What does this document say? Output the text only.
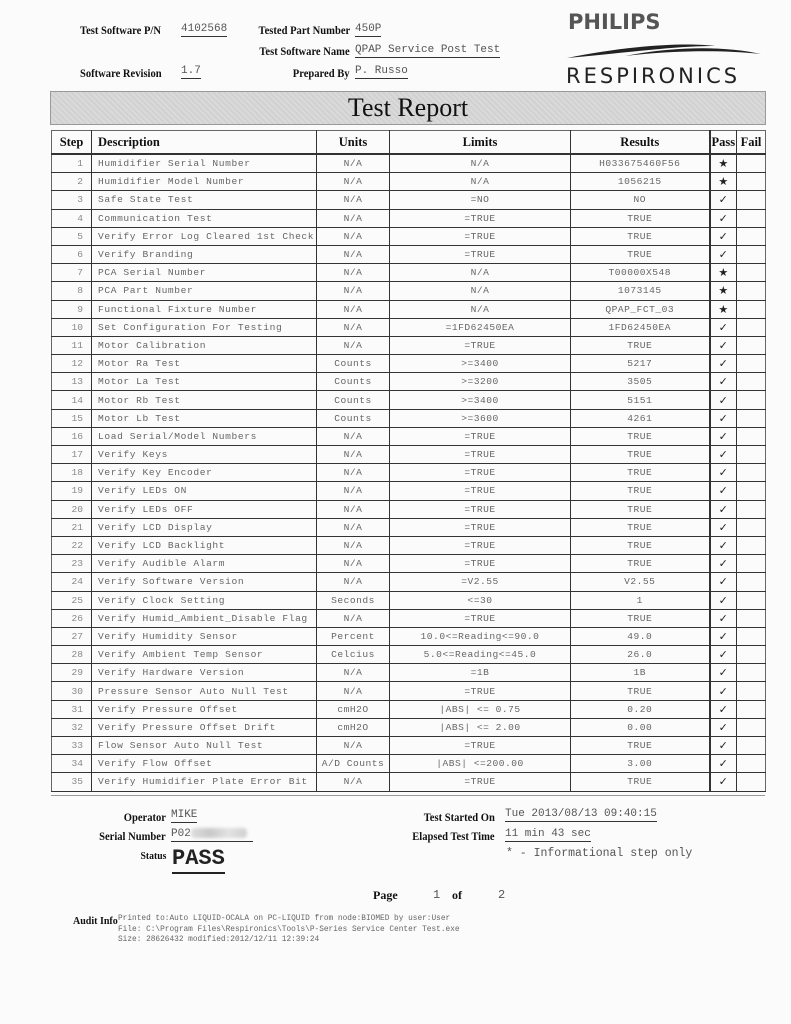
Test Software P/N 4102568	Tested Part Number 450P
Test Software Name QPAP Service Post Test
Software Revision 1.7	Prepared By P. Russo
PHILIPS
RESPIRONICS
Test Report
Step	Description	Units	Limits	Results	Pass	Fail
1	Humidifier Serial Number	N/A	N/A	H033675460F56	★	
2	Humidifier Model Number	N/A	N/A	1056215	★	
3	Safe State Test	N/A	=NO	NO	✓	
4	Communication Test	N/A	=TRUE	TRUE	✓	
5	Verify Error Log Cleared 1st Check	N/A	=TRUE	TRUE	✓	
6	Verify Branding	N/A	=TRUE	TRUE	✓	
7	PCA Serial Number	N/A	N/A	T00000X548	★	
8	PCA Part Number	N/A	N/A	1073145	★	
9	Functional Fixture Number	N/A	N/A	QPAP_FCT_03	★	
10	Set Configuration For Testing	N/A	=1FD62450EA	1FD62450EA	✓	
11	Motor Calibration	N/A	=TRUE	TRUE	✓	
12	Motor Ra Test	Counts	>=3400	5217	✓	
13	Motor La Test	Counts	>=3200	3505	✓	
14	Motor Rb Test	Counts	>=3400	5151	✓	
15	Motor Lb Test	Counts	>=3600	4261	✓	
16	Load Serial/Model Numbers	N/A	=TRUE	TRUE	✓	
17	Verify Keys	N/A	=TRUE	TRUE	✓	
18	Verify Key Encoder	N/A	=TRUE	TRUE	✓	
19	Verify LEDs ON	N/A	=TRUE	TRUE	✓	
20	Verify LEDs OFF	N/A	=TRUE	TRUE	✓	
21	Verify LCD Display	N/A	=TRUE	TRUE	✓	
22	Verify LCD Backlight	N/A	=TRUE	TRUE	✓	
23	Verify Audible Alarm	N/A	=TRUE	TRUE	✓	
24	Verify Software Version	N/A	=V2.55	V2.55	✓	
25	Verify Clock Setting	Seconds	<=30	1	✓	
26	Verify Humid_Ambient_Disable Flag	N/A	=TRUE	TRUE	✓	
27	Verify Humidity Sensor	Percent	10.0<=Reading<=90.0	49.0	✓	
28	Verify Ambient Temp Sensor	Celcius	5.0<=Reading<=45.0	26.0	✓	
29	Verify Hardware Version	N/A	=1B	1B	✓	
30	Pressure Sensor Auto Null Test	N/A	=TRUE	TRUE	✓	
31	Verify Pressure Offset	cmH2O	|ABS| <= 0.75	0.20	✓	
32	Verify Pressure Offset Drift	cmH2O	|ABS| <= 2.00	0.00	✓	
33	Flow Sensor Auto Null Test	N/A	=TRUE	TRUE	✓	
34	Verify Flow Offset	A/D Counts	|ABS| <=200.00	3.00	✓	
35	Verify Humidifier Plate Error Bit	N/A	=TRUE	TRUE	✓	
Operator MIKE
Serial Number P02
Status PASS
Test Started On Tue 2013/08/13 09:40:15
Elapsed Test Time 11 min 43 sec
* - Informational step only
Page	1 of	2
Audit Info Printed to:Auto LIQUID-OCALA on PC-LIQUID from node:BIOMED by user:User
File: C:\Program Files\Respironics\Tools\P-Series Service Center Test.exe
Size: 28626432 modified:2012/12/11 12:39:24
